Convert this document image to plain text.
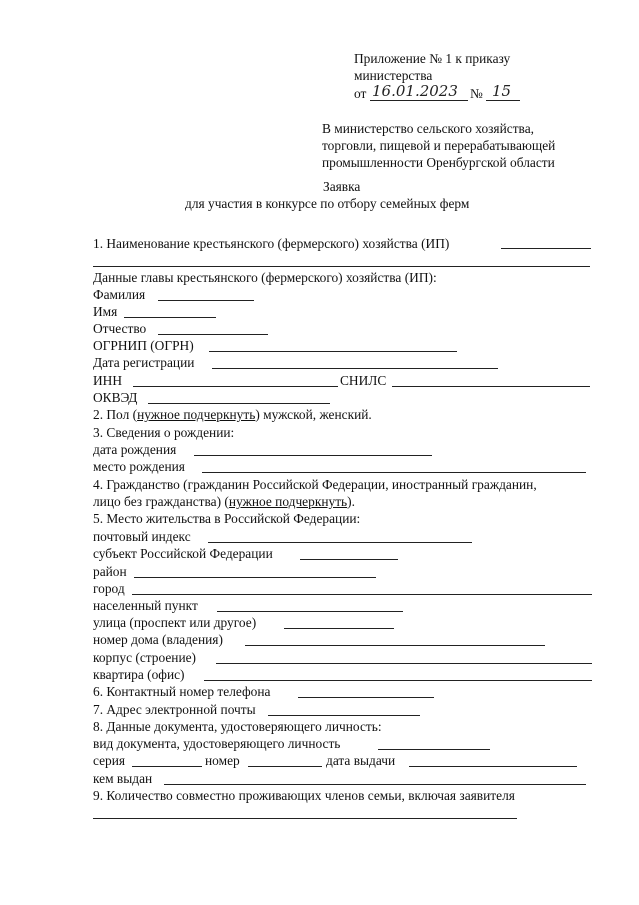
Приложение № 1 к приказу
министерства
от 16.01.2023 № 15
В министерство сельского хозяйства,
торговли, пищевой и перерабатывающей
промышленности Оренбургской области
Заявка
для участия в конкурсе по отбору семейных ферм
1. Наименование крестьянского (фермерского) хозяйства (ИП)
Данные главы крестьянского (фермерского) хозяйства (ИП):
Фамилия
Имя
Отчество
ОГРНИП (ОГРН)
Дата регистрации
ИНН	СНИЛС
ОКВЭД
2. Пол (нужное подчеркнуть) мужской, женский.
3. Сведения о рождении:
дата рождения
место рождения
4. Гражданство (гражданин Российской Федерации, иностранный гражданин,
лицо без гражданства) (нужное подчеркнуть).
5. Место жительства в Российской Федерации:
почтовый индекс
субъект Российской Федерации
район
город
населенный пункт
улица (проспект или другое)
номер дома (владения)
корпус (строение)
квартира (офис)
6. Контактный номер телефона
7. Адрес электронной почты
8. Данные документа, удостоверяющего личность:
вид документа, удостоверяющего личность
серия	номер	дата выдачи
кем выдан
9. Количество совместно проживающих членов семьи, включая заявителя
